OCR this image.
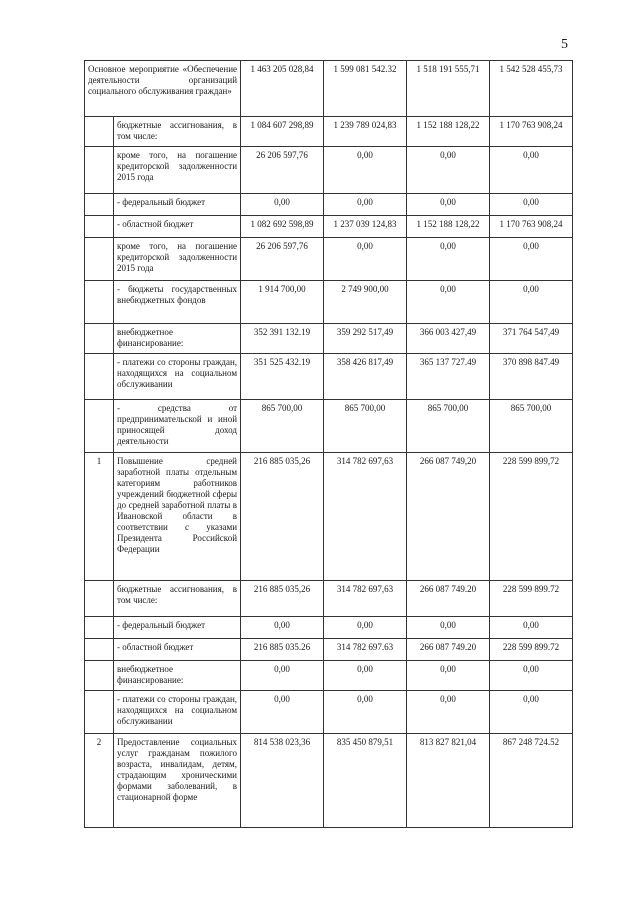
5
Основное мероприятие «Обеспечение деятельности организаций социального обслуживания граждан»		1 463 205 028,84	1 599 081 542.32	1 518 191 555,71	1 542 528 455,73
	бюджетные ассигнования, в том числе:	1 084 607 298,89	1 239 789 024,83	1 152 188 128,22	1 170 763 908,24
	кроме того, на погашение кредиторской задолженности 2015 года	26 206 597,76	0,00	0,00	0,00
	- федеральный бюджет	0,00	0,00	0,00	0,00
	- областной бюджет	1 082 692 598,89	1 237 039 124,83	1 152 188 128,22	1 170 763 908,24
	кроме того, на погашение кредиторской задолженности 2015 года	26 206 597,76	0,00	0,00	0,00
	- бюджеты государственных внебюджетных фондов	1 914 700,00	2 749 900,00	0,00	0,00
	внебюджетное финансирование:	352 391 132.19	359 292 517,49	366 003 427,49	371 764 547,49
	- платежи со стороны граждан, находящихся на социальном обслуживании	351 525 432.19	358 426 817,49	365 137 727.49	370 898 847.49
	- средства от предпринимательской и иной приносящей доход деятельности	865 700,00	865 700,00	865 700,00	865 700,00
1	Повышение средней заработной платы отдельным категориям работников учреждений бюджетной сферы до средней заработной платы в Ивановской области в соответствии с указами Президента Российской Федерации	216 885 035,26	314 782 697,63	266 087 749,20	228 599 899,72
	бюджетные ассигнования, в том числе:	216 885 035,26	314 782 697,63	266 087 749.20	228 599 899.72
	- федеральный бюджет	0,00	0,00	0,00	0,00
	- областной бюджет	216 885 035.26	314 782 697.63	266 087 749.20	228 599 899.72
	внебюджетное финансирование:	0,00	0,00	0,00	0,00
	- платежи со стороны граждан, находящихся на социальном обслуживании	0,00	0,00	0,00	0,00
2	Предоставление социальных услуг гражданам пожилого возраста, инвалидам, детям, страдающим хроническими формами заболеваний, в стационарной форме	814 538 023,36	835 450 879,51	813 827 821,04	867 248 724.52
